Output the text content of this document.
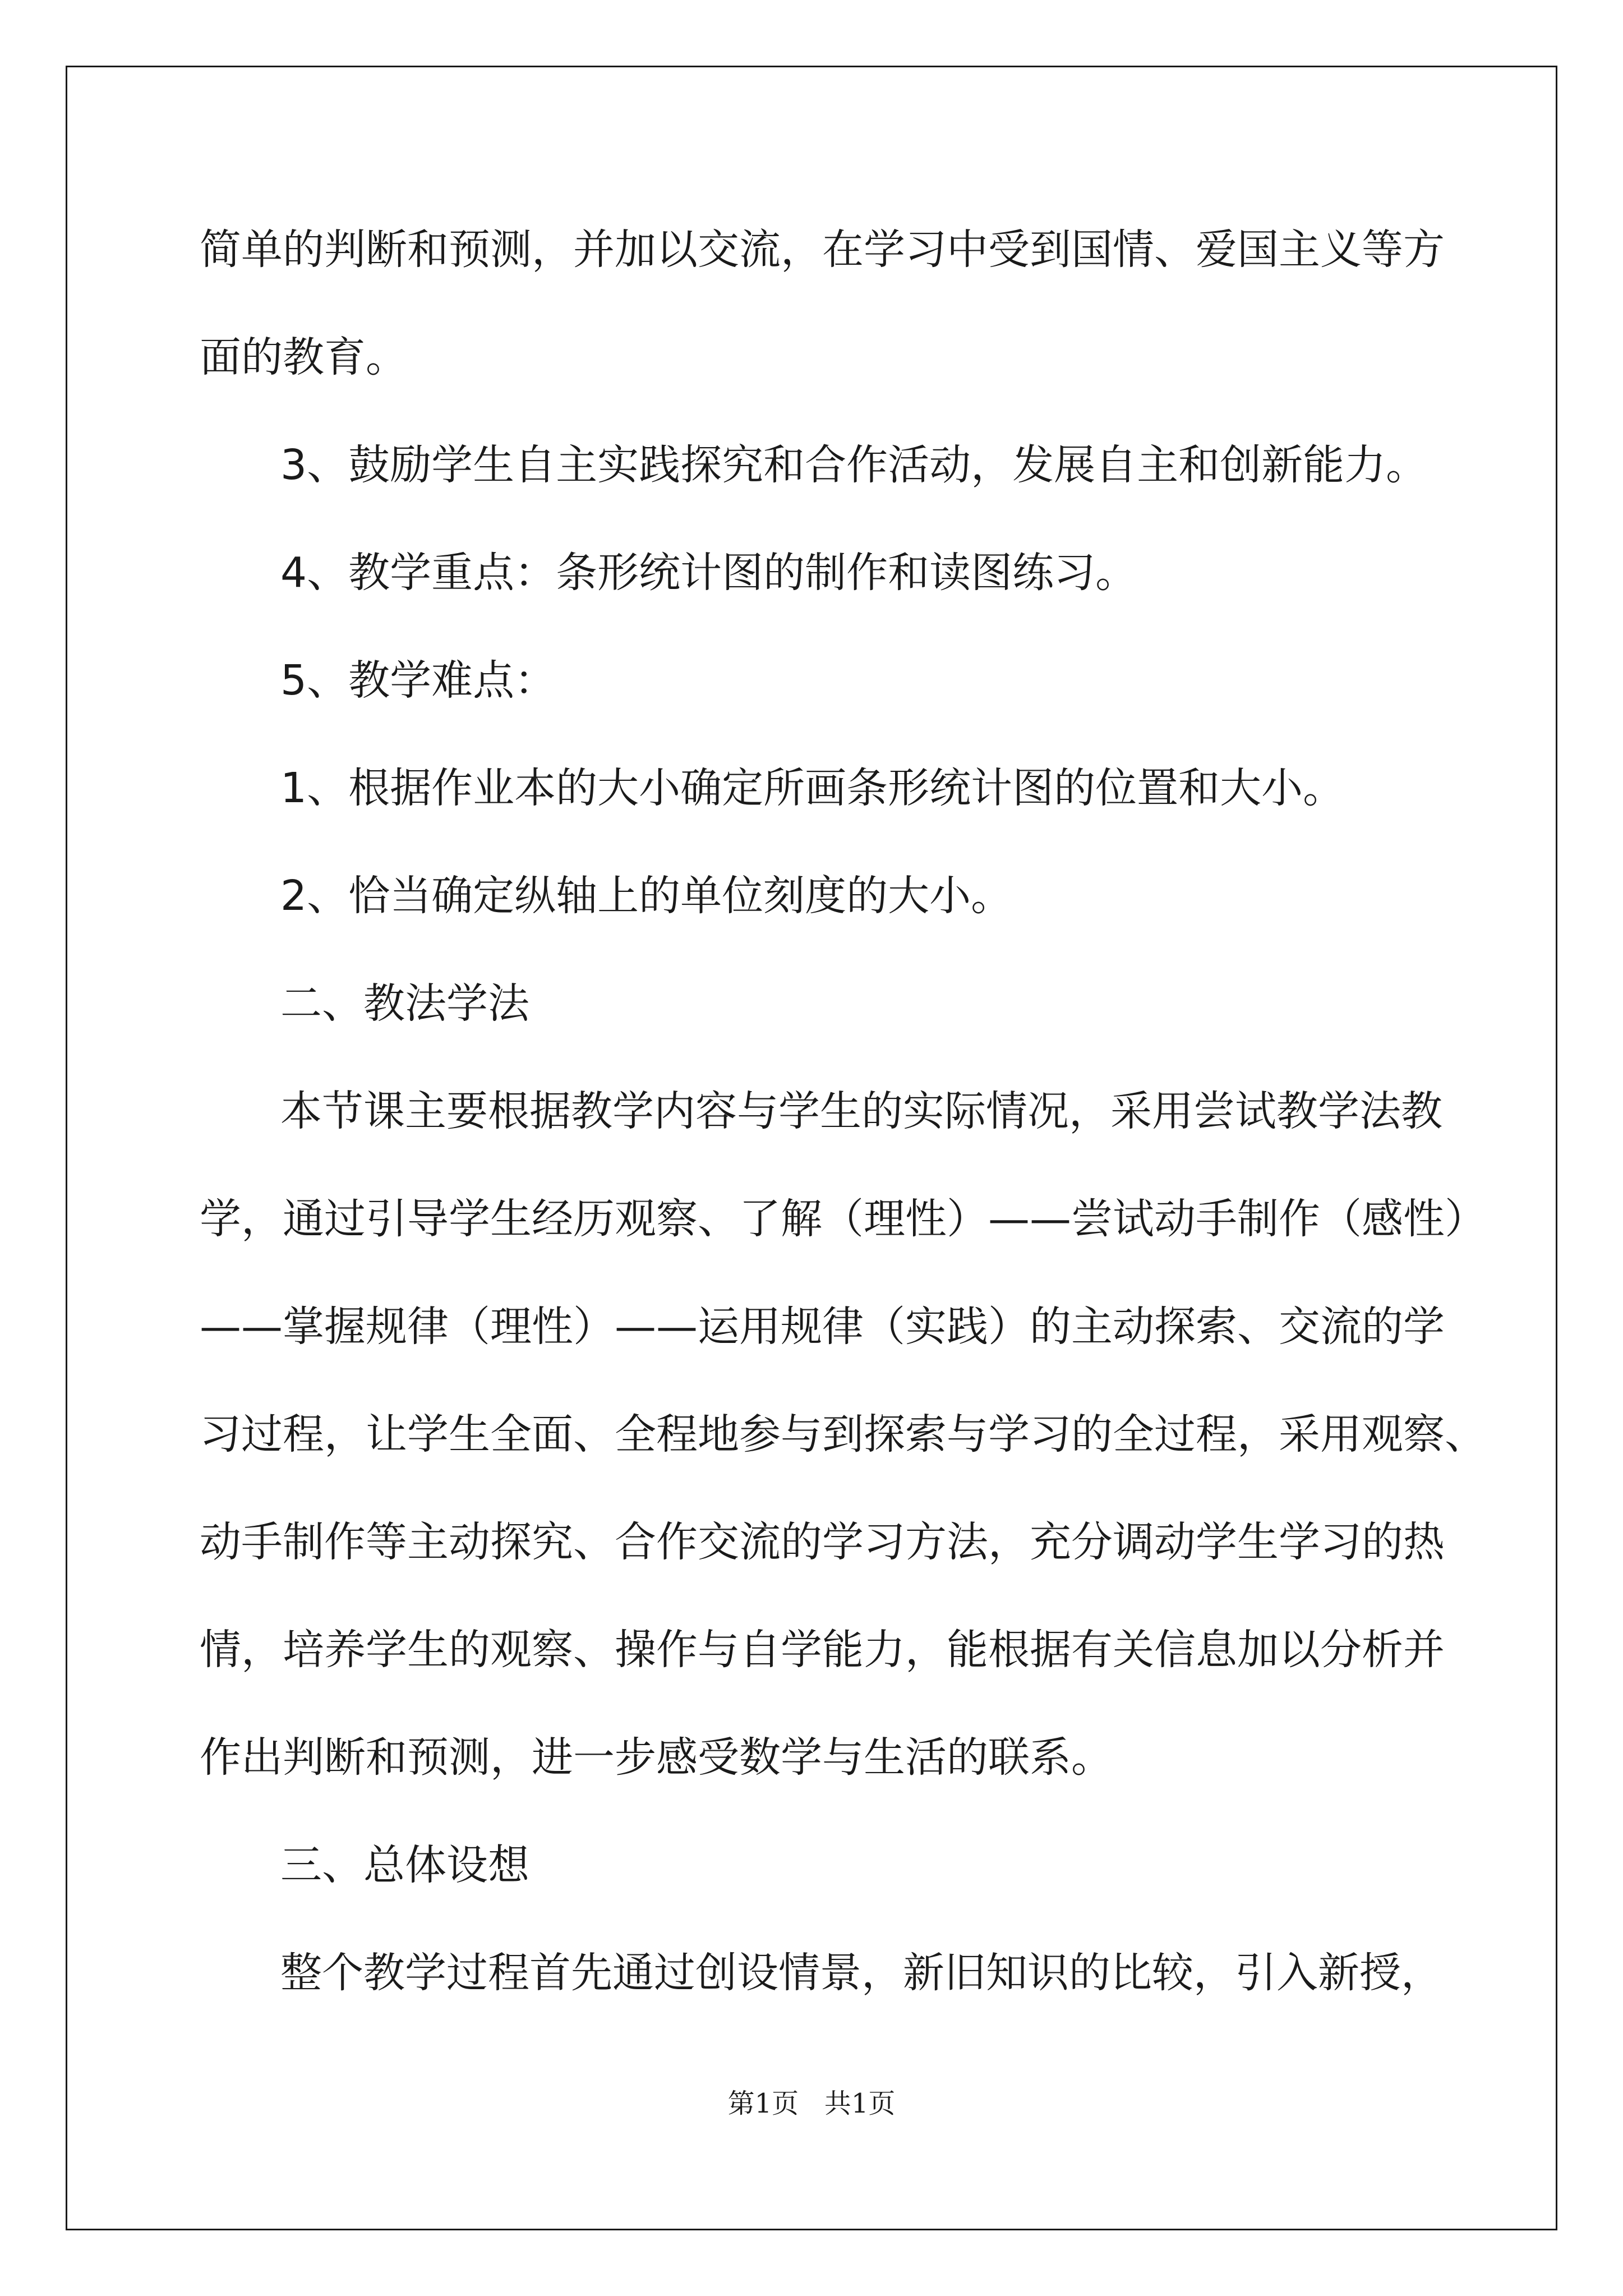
简单的判断和预测，并加以交流，在学习中受到国情、爱国主义等方

面的教育。

3、鼓励学生自主实践探究和合作活动，发展自主和创新能力。

4、教学重点：条形统计图的制作和读图练习。

5、教学难点：

1、根据作业本的大小确定所画条形统计图的位置和大小。

2、恰当确定纵轴上的单位刻度的大小。

二、教法学法

本节课主要根据教学内容与学生的实际情况，采用尝试教学法教

学，通过引导学生经历观察、了解（理性）——尝试动手制作（感性）

——掌握规律（理性）——运用规律（实践）的主动探索、交流的学

习过程，让学生全面、全程地参与到探索与学习的全过程，采用观察、

动手制作等主动探究、合作交流的学习方法，充分调动学生学习的热

情，培养学生的观察、操作与自学能力，能根据有关信息加以分析并

作出判断和预测，进一步感受数学与生活的联系。

三、总体设想

整个教学过程首先通过创设情景，新旧知识的比较，引入新授，

第1页   共1页
